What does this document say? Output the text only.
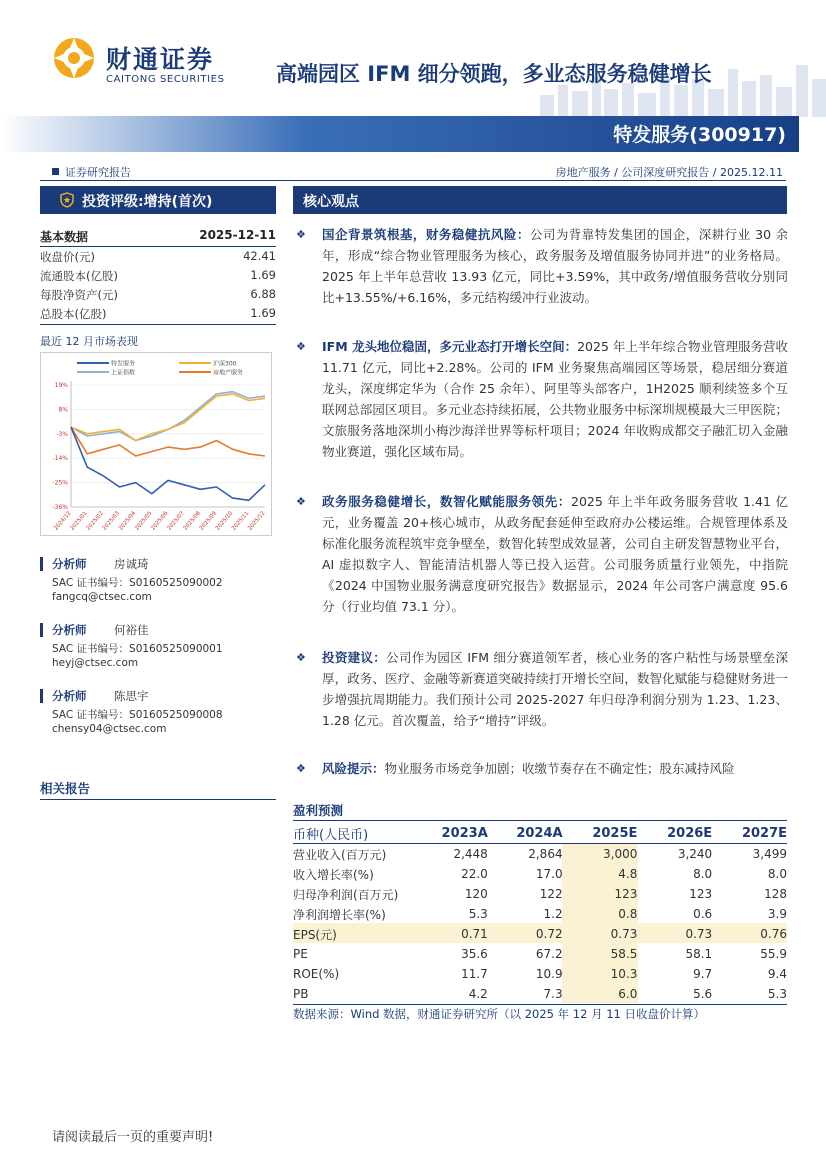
财通证券
CAITONG SECURITIES 高端园区 IFM 细分领跑，多业态服务稳健增长
特发服务(300917)
证券研究报告	房地产服务 / 公司深度研究报告 / 2025.12.11
投资评级:增持(首次)
基本数据	2025-12-11
收盘价(元)	42.41
流通股本(亿股)	1.69
每股净资产(元)	6.88
总股本(亿股)	1.69
最近 12 月市场表现
特发服务	沪深300
上证指数	房地产服务
19%
8%
-3%
-14%
-25%
-36%
2024/12
2025/01
2025/02
2025/03
2025/04
2025/05
2025/06
2025/07
2025/08
2025/09
2025/10
2025/11
2025/12
分析师 房诚琦
SAC 证书编号：S0160525090002
fangcq@ctsec.com
分析师 何裕佳
SAC 证书编号：S0160525090001
heyj@ctsec.com
分析师 陈思宇
SAC 证书编号：S0160525090008
chensy04@ctsec.com
相关报告
核心观点
❖ 国企背景筑根基，财务稳健抗风险：公司为背靠特发集团的国企，深耕行业 30 余年，形成“综合物业管理服务为核心，政务服务及增值服务协同并进”的业务格局。2025 年上半年总营收 13.93 亿元，同比+3.59%，其中政务/增值服务营收分别同比+13.55%/+6.16%，多元结构缓冲行业波动。
❖ IFM 龙头地位稳固，多元业态打开增长空间：2025 年上半年综合物业管理服务营收 11.71 亿元，同比+2.28%。公司的 IFM 业务聚焦高端园区等场景，稳居细分赛道龙头，深度绑定华为（合作 25 余年）、阿里等头部客户，1H2025 顺利续签多个互联网总部园区项目。多元业态持续拓展，公共物业服务中标深圳规模最大三甲医院；文旅服务落地深圳小梅沙海洋世界等标杆项目；2024 年收购成都交子融汇切入金融物业赛道，强化区域布局。
❖ 政务服务稳健增长，数智化赋能服务领先：2025 年上半年政务服务营收 1.41 亿元，业务覆盖 20+核心城市，从政务配套延伸至政府办公楼运维。合规管理体系及标准化服务流程筑牢竞争壁垒，数智化转型成效显著，公司自主研发智慧物业平台，AI 虚拟数字人、智能清洁机器人等已投入运营。公司服务质量行业领先，中指院《2024 中国物业服务满意度研究报告》数据显示，2024 年公司客户满意度 95.6 分（行业均值 73.1 分）。
❖ 投资建议：公司作为园区 IFM 细分赛道领军者，核心业务的客户粘性与场景壁垒深厚，政务、医疗、金融等新赛道突破持续打开增长空间，数智化赋能与稳健财务进一步增强抗周期能力。我们预计公司 2025-2027 年归母净利润分别为 1.23、1.23、1.28 亿元。首次覆盖，给予“增持”评级。
❖ 风险提示：物业服务市场竞争加剧；收缴节奏存在不确定性；股东减持风险
盈利预测
币种(人民币)	2023A	2024A	2025E	2026E	2027E
营业收入(百万元)	2,448	2,864	3,000	3,240	3,499
收入增长率(%)	22.0	17.0	4.8	8.0	8.0
归母净利润(百万元)	120	122	123	123	128
净利润增长率(%)	5.3	1.2	0.8	0.6	3.9
EPS(元)	0.71	0.72	0.73	0.73	0.76
PE	35.6	67.2	58.5	58.1	55.9
ROE(%)	11.7	10.9	10.3	9.7	9.4
PB	4.2	7.3	6.0	5.6	5.3
数据来源：Wind 数据，财通证券研究所（以 2025 年 12 月 11 日收盘价计算）
请阅读最后一页的重要声明!
